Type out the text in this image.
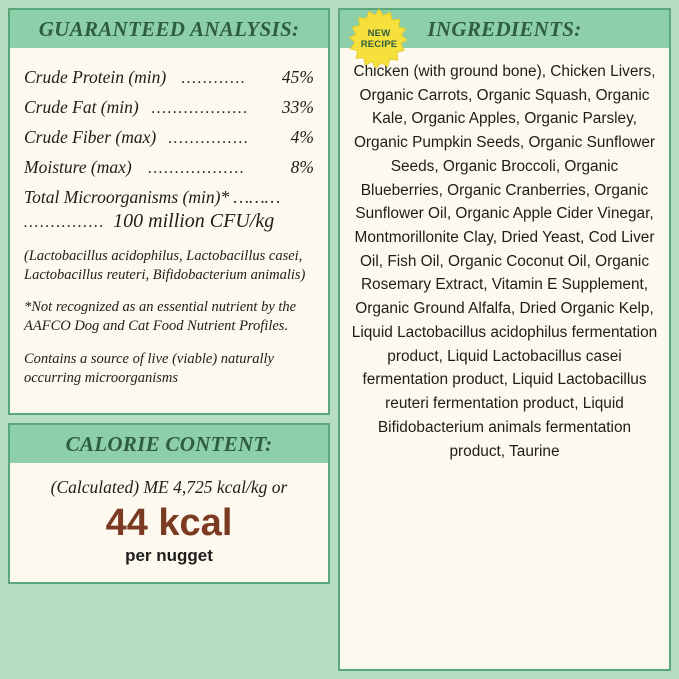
GUARANTEED ANALYSIS:
Crude Protein (min) …………	45%
Crude Fat (min) ………………	33%
Crude Fiber (max) ……………	4%
Moisture (max)	………………	8%
Total Microorganisms (min)* ………
…………… 100 million CFU/kg

(Lactobacillus acidophilus, Lactobacillus casei, Lactobacillus reuteri, Bifidobacterium animalis)

*Not recognized as an essential nutrient by the AAFCO Dog and Cat Food Nutrient Profiles.

Contains a source of live (viable) naturally occurring microorganisms

CALORIE CONTENT:
(Calculated) ME 4,725 kcal/kg or
44 kcal
per nugget
NEW
RECIPE
INGREDIENTS:
Chicken (with ground bone), Chicken Livers, Organic Carrots, Organic Squash, Organic Kale, Organic Apples, Organic Parsley, Organic Pumpkin Seeds, Organic Sunflower Seeds, Organic Broccoli, Organic Blueberries, Organic Cranberries, Organic Sunflower Oil, Organic Apple Cider Vinegar, Montmorillonite Clay, Dried Yeast, Cod Liver Oil, Fish Oil, Organic Coconut Oil, Organic Rosemary Extract, Vitamin E Supplement, Organic Ground Alfalfa, Dried Organic Kelp, Liquid Lactobacillus acidophilus fermentation product, Liquid Lactobacillus casei fermentation product, Liquid Lactobacillus reuteri fermentation product, Liquid Bifidobacterium animals fermentation product, Taurine
